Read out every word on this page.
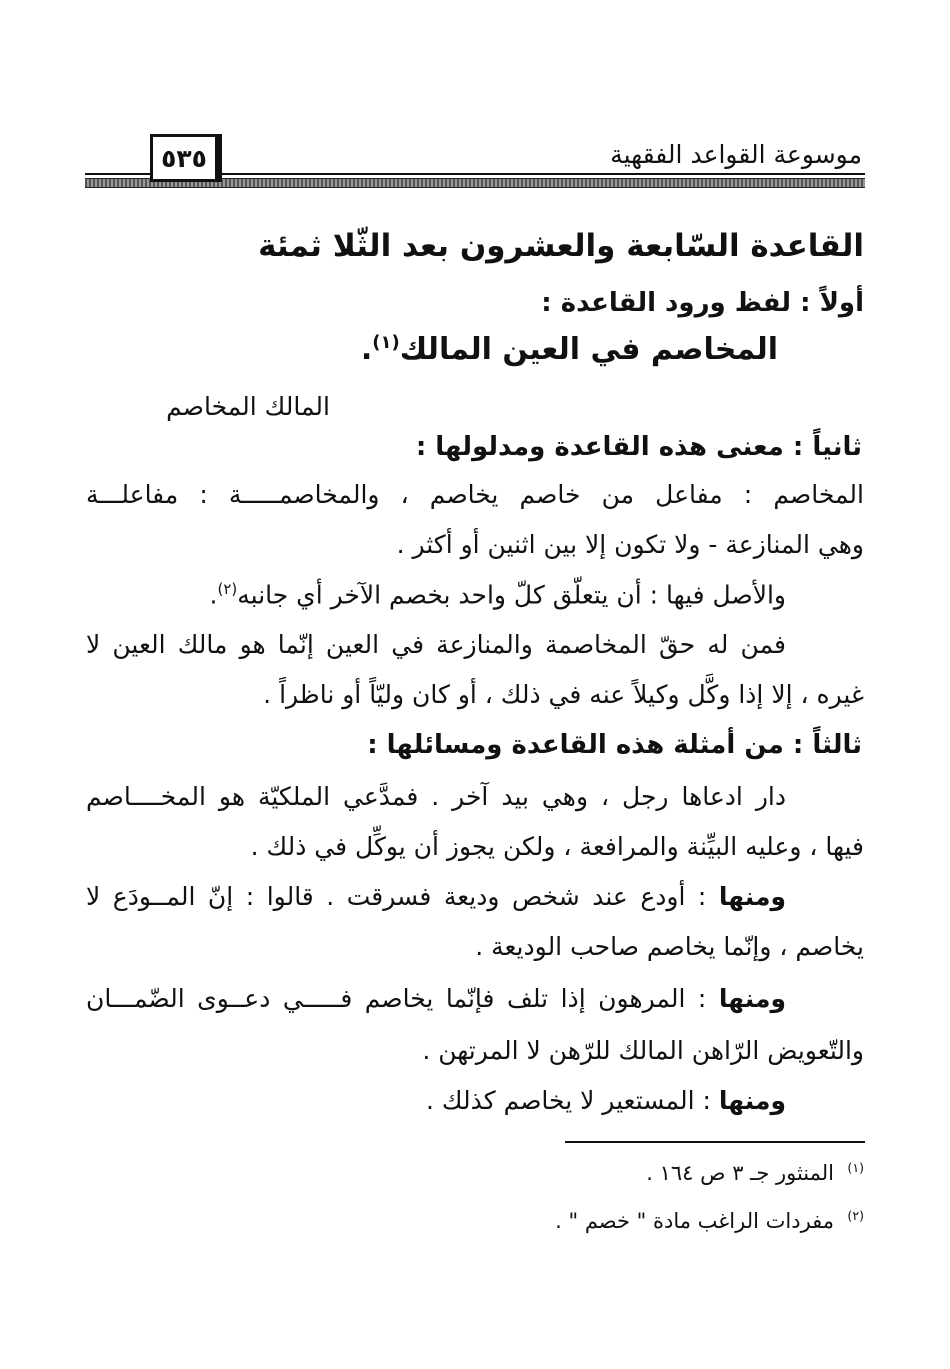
موسوعة القواعد الفقهية
٥٣٥
القاعدة السّابعة والعشرون بعد الثّلا ثمئة
أولاً : لفظ ورود القاعدة :
المخاصم في العين المالك$^{(١)}$.
المالك المخاصم
ثانياً : معنى هذه القاعدة ومدلولها :
المخاصم : مفاعل من خاصم يخاصم ، والمخاصمـــــة : مفاعلـــة
وهي المنازعة - ولا تكون إلا بين اثنين أو أكثر .
والأصل فيها : أن يتعلّق كلّ واحد بخصم الآخر أي جانبه$^{(٢)}$.
فمن له حقّ المخاصمة والمنازعة في العين إنّما هو مالك العين لا
غيره ، إلا إذا وكَّل وكيلاً عنه في ذلك ، أو كان وليّاً أو ناظراً .
ثالثاً : من أمثلة هذه القاعدة ومسائلها :
دار ادعاها رجل ، وهي بيد آخر . فمدَّعي الملكيّة هو المخــــاصم
فيها ، وعليه البيِّنة والمرافعة ، ولكن يجوز أن يوكِّل في ذلك .
ومنها : أودع عند شخص وديعة فسرقت . قالوا : إنّ المــودَع لا
يخاصم ، وإنّما يخاصم صاحب الوديعة .
ومنها : المرهون إذا تلف فإنّما يخاصم فـــــي دعــوى الضّمـــان
والتّعويض الرّاهن المالك للرّهن لا المرتهن .
ومنها : المستعير لا يخاصم كذلك .
$^{(١)}$  المنثور جـ ٣ ص ١٦٤ .
$^{(٢)}$  مفردات الراغب مادة " خصم " .
